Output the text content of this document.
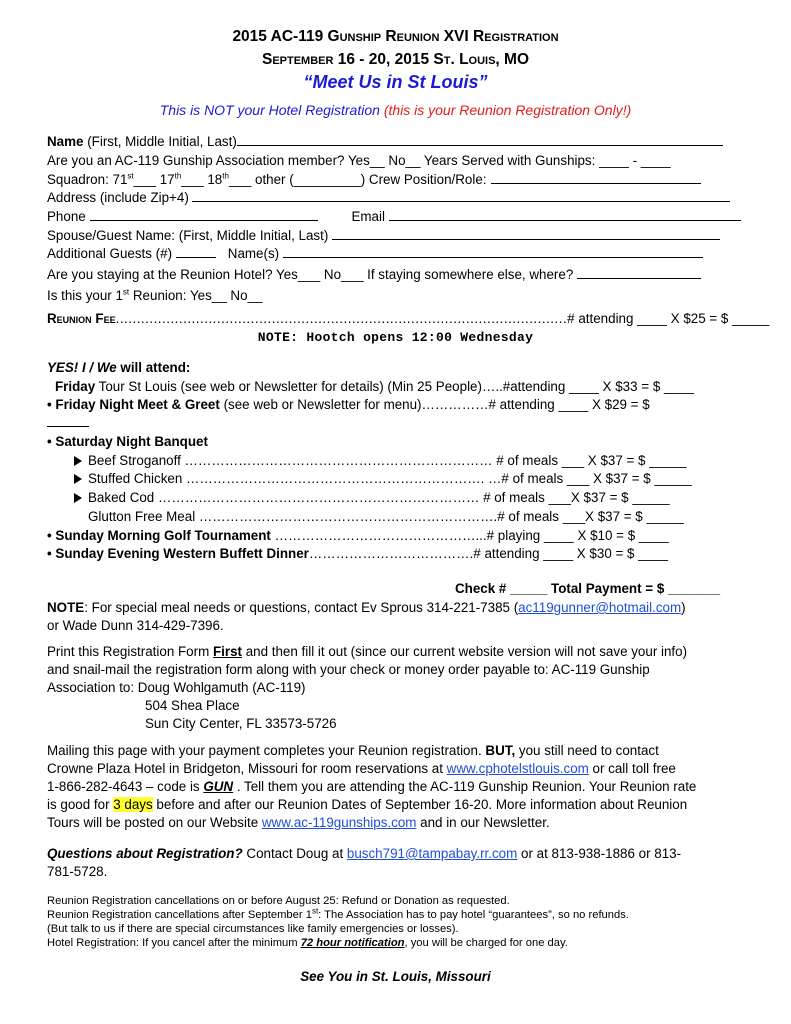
2015 AC-119 Gunship Reunion XVI Registration
September 16 - 20, 2015 St. Louis, MO
“Meet Us in St Louis”
This is NOT your Hotel Registration (this is your Reunion Registration Only!)
Name (First, Middle Initial, Last)
Are you an AC-119 Gunship Association member? Yes__ No__ Years Served with Gunships: ____ - ____
Squadron: 71st___ 17th___ 18th___ other (_________) Crew Position/Role:
Address (include Zip+4)
Phone	Email
Spouse/Guest Name: (First, Middle Initial, Last)
Additional Guests (#)	Name(s)
Are you staying at the Reunion Hotel? Yes___ No___ If staying somewhere else, where?
Is this your 1st Reunion: Yes__ No__
Reunion Fee...........................................................................................................# attending ____ X $25 = $ _____
NOTE: Hootch opens 12:00 Wednesday
YES! I / We will attend:
Friday Tour St Louis (see web or Newsletter for details) (Min 25 People)…..#attending ____ X $33 = $ ____
• Friday Night Meet & Greet (see web or Newsletter for menu)……………# attending ____ X $29 = $
• Saturday Night Banquet
Beef Stroganoff …………………………………………………………… # of meals ___ X $37 = $ _____
Stuffed Chicken …………………………………………………………. …# of meals ___ X $37 = $ _____
Baked Cod ……………………………………………………………… # of meals ___X $37 = $ _____
Glutton Free Meal ………………………………………………………….# of meals ___X $37 = $ _____
• Sunday Morning Golf Tournament ………………………………………...# playing ____ X $10 = $ ____
• Sunday Evening Western Buffett Dinner……………………………….# attending ____ X $30 = $ ____
Check # _____ Total Payment = $ _______
NOTE: For special meal needs or questions, contact Ev Sprous 314-221-7385 (ac119gunner@hotmail.com)
or Wade Dunn 314-429-7396.
Print this Registration Form First and then fill it out (since our current website version will not save your info)
and snail-mail the registration form along with your check or money order payable to: AC-119 Gunship
Association to: Doug Wohlgamuth (AC-119)
504 Shea Place
Sun City Center, FL 33573-5726
Mailing this page with your payment completes your Reunion registration. BUT, you still need to contact
Crowne Plaza Hotel in Bridgeton, Missouri for room reservations at www.cphotelstlouis.com or call toll free
1-866-282-4643 – code is GUN . Tell them you are attending the AC-119 Gunship Reunion. Your Reunion rate
is good for 3 days before and after our Reunion Dates of September 16-20. More information about Reunion
Tours will be posted on our Website www.ac-119gunships.com and in our Newsletter.
Questions about Registration? Contact Doug at busch791@tampabay.rr.com or at 813-938-1886 or 813-
781-5728.
Reunion Registration cancellations on or before August 25: Refund or Donation as requested.
Reunion Registration cancellations after September 1st: The Association has to pay hotel “guarantees”, so no refunds.
(But talk to us if there are special circumstances like family emergencies or losses).
Hotel Registration: If you cancel after the minimum 72 hour notification, you will be charged for one day.
See You in St. Louis, Missouri
